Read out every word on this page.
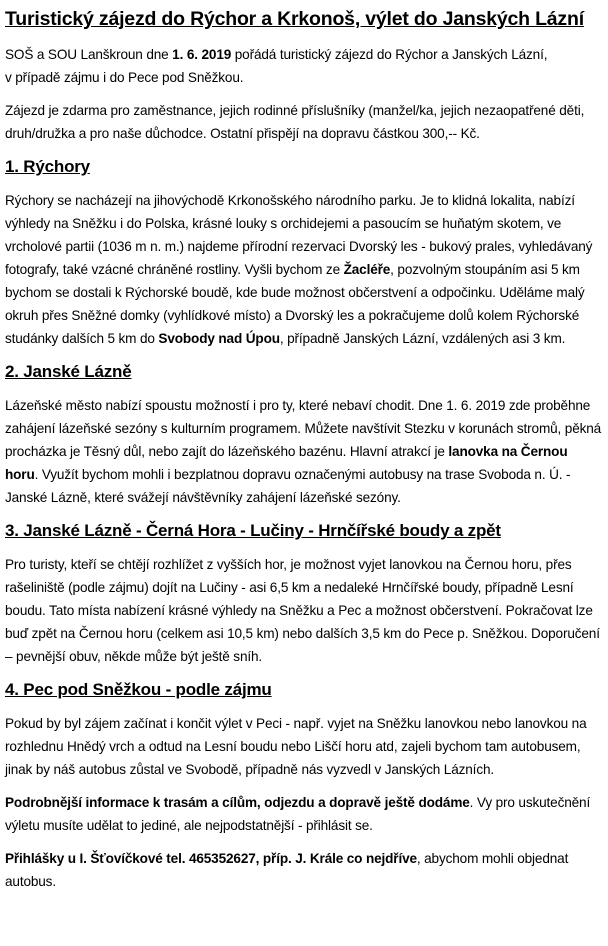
Turistický zájezd do Rýchor a Krkonoš, výlet do Janských Lázní

SOŠ a SOU Lanškroun dne 1. 6. 2019 pořádá turistický zájezd do Rýchor a Janských Lázní,
v případě zájmu i do Pece pod Sněžkou.

Zájezd je zdarma pro zaměstnance, jejich rodinné příslušníky (manžel/ka, jejich nezaopatřené děti, druh/družka a pro naše důchodce. Ostatní přispějí na dopravu částkou 300,-- Kč.

1. Rýchory

Rýchory se nacházejí na jihovýchodě Krkonošského národního parku. Je to klidná lokalita, nabízí výhledy na Sněžku i do Polska, krásné louky s orchidejemi a pasoucím se huňatým skotem, ve vrcholové partii (1036 m n. m.) najdeme přírodní rezervaci Dvorský les - bukový prales, vyhledávaný fotografy, také vzácné chráněné rostliny. Vyšli bychom ze Žacléře, pozvolným stoupáním asi 5 km bychom se dostali k Rýchorské boudě, kde bude možnost občerstvení a odpočinku. Uděláme malý okruh přes Sněžné domky (vyhlídkové místo) a Dvorský les a pokračujeme dolů kolem Rýchorské studánky dalších 5 km do Svobody nad Úpou, případně Janských Lázní, vzdálených asi 3 km.

2. Janské Lázně

Lázeňské město nabízí spoustu možností i pro ty, které nebaví chodit. Dne 1. 6. 2019 zde proběhne zahájení lázeňské sezóny s kulturním programem. Můžete navštívit Stezku v korunách stromů, pěkná procházka je Těsný důl, nebo zajít do lázeňského bazénu. Hlavní atrakcí je lanovka na Černou horu. Využít bychom mohli i bezplatnou dopravu označenými autobusy na trase Svoboda n. Ú. - Janské Lázně, které svážejí návštěvníky zahájení lázeňské sezóny.

3. Janské Lázně - Černá Hora - Lučiny - Hrnčířské boudy a zpět

Pro turisty, kteří se chtějí rozhlížet z vyšších hor, je možnost vyjet lanovkou na Černou horu, přes rašeliniště (podle zájmu) dojít na Lučiny - asi 6,5 km a nedaleké Hrnčířské boudy, případně Lesní boudu. Tato místa nabízení krásné výhledy na Sněžku a Pec a možnost občerstvení. Pokračovat lze buď zpět na Černou horu (celkem asi 10,5 km) nebo dalších 3,5 km do Pece p. Sněžkou. Doporučení – pevnější obuv, někde může být ještě sníh.

4. Pec pod Sněžkou - podle zájmu

Pokud by byl zájem začínat i končit výlet v Peci - např. vyjet na Sněžku lanovkou nebo lanovkou na rozhlednu Hnědý vrch a odtud na Lesní boudu nebo Liščí horu atd, zajeli bychom tam autobusem, jinak by náš autobus zůstal ve Svobodě, případně nás vyzvedl v Janských Lázních.

Podrobnější informace k trasám a cílům, odjezdu a dopravě ještě dodáme. Vy pro uskutečnění výletu musíte udělat to jediné, ale nejpodstatnější - přihlásit se.

Přihlášky u I. Šťovíčkové tel. 465352627, příp. J. Krále co nejdříve, abychom mohli objednat autobus.
